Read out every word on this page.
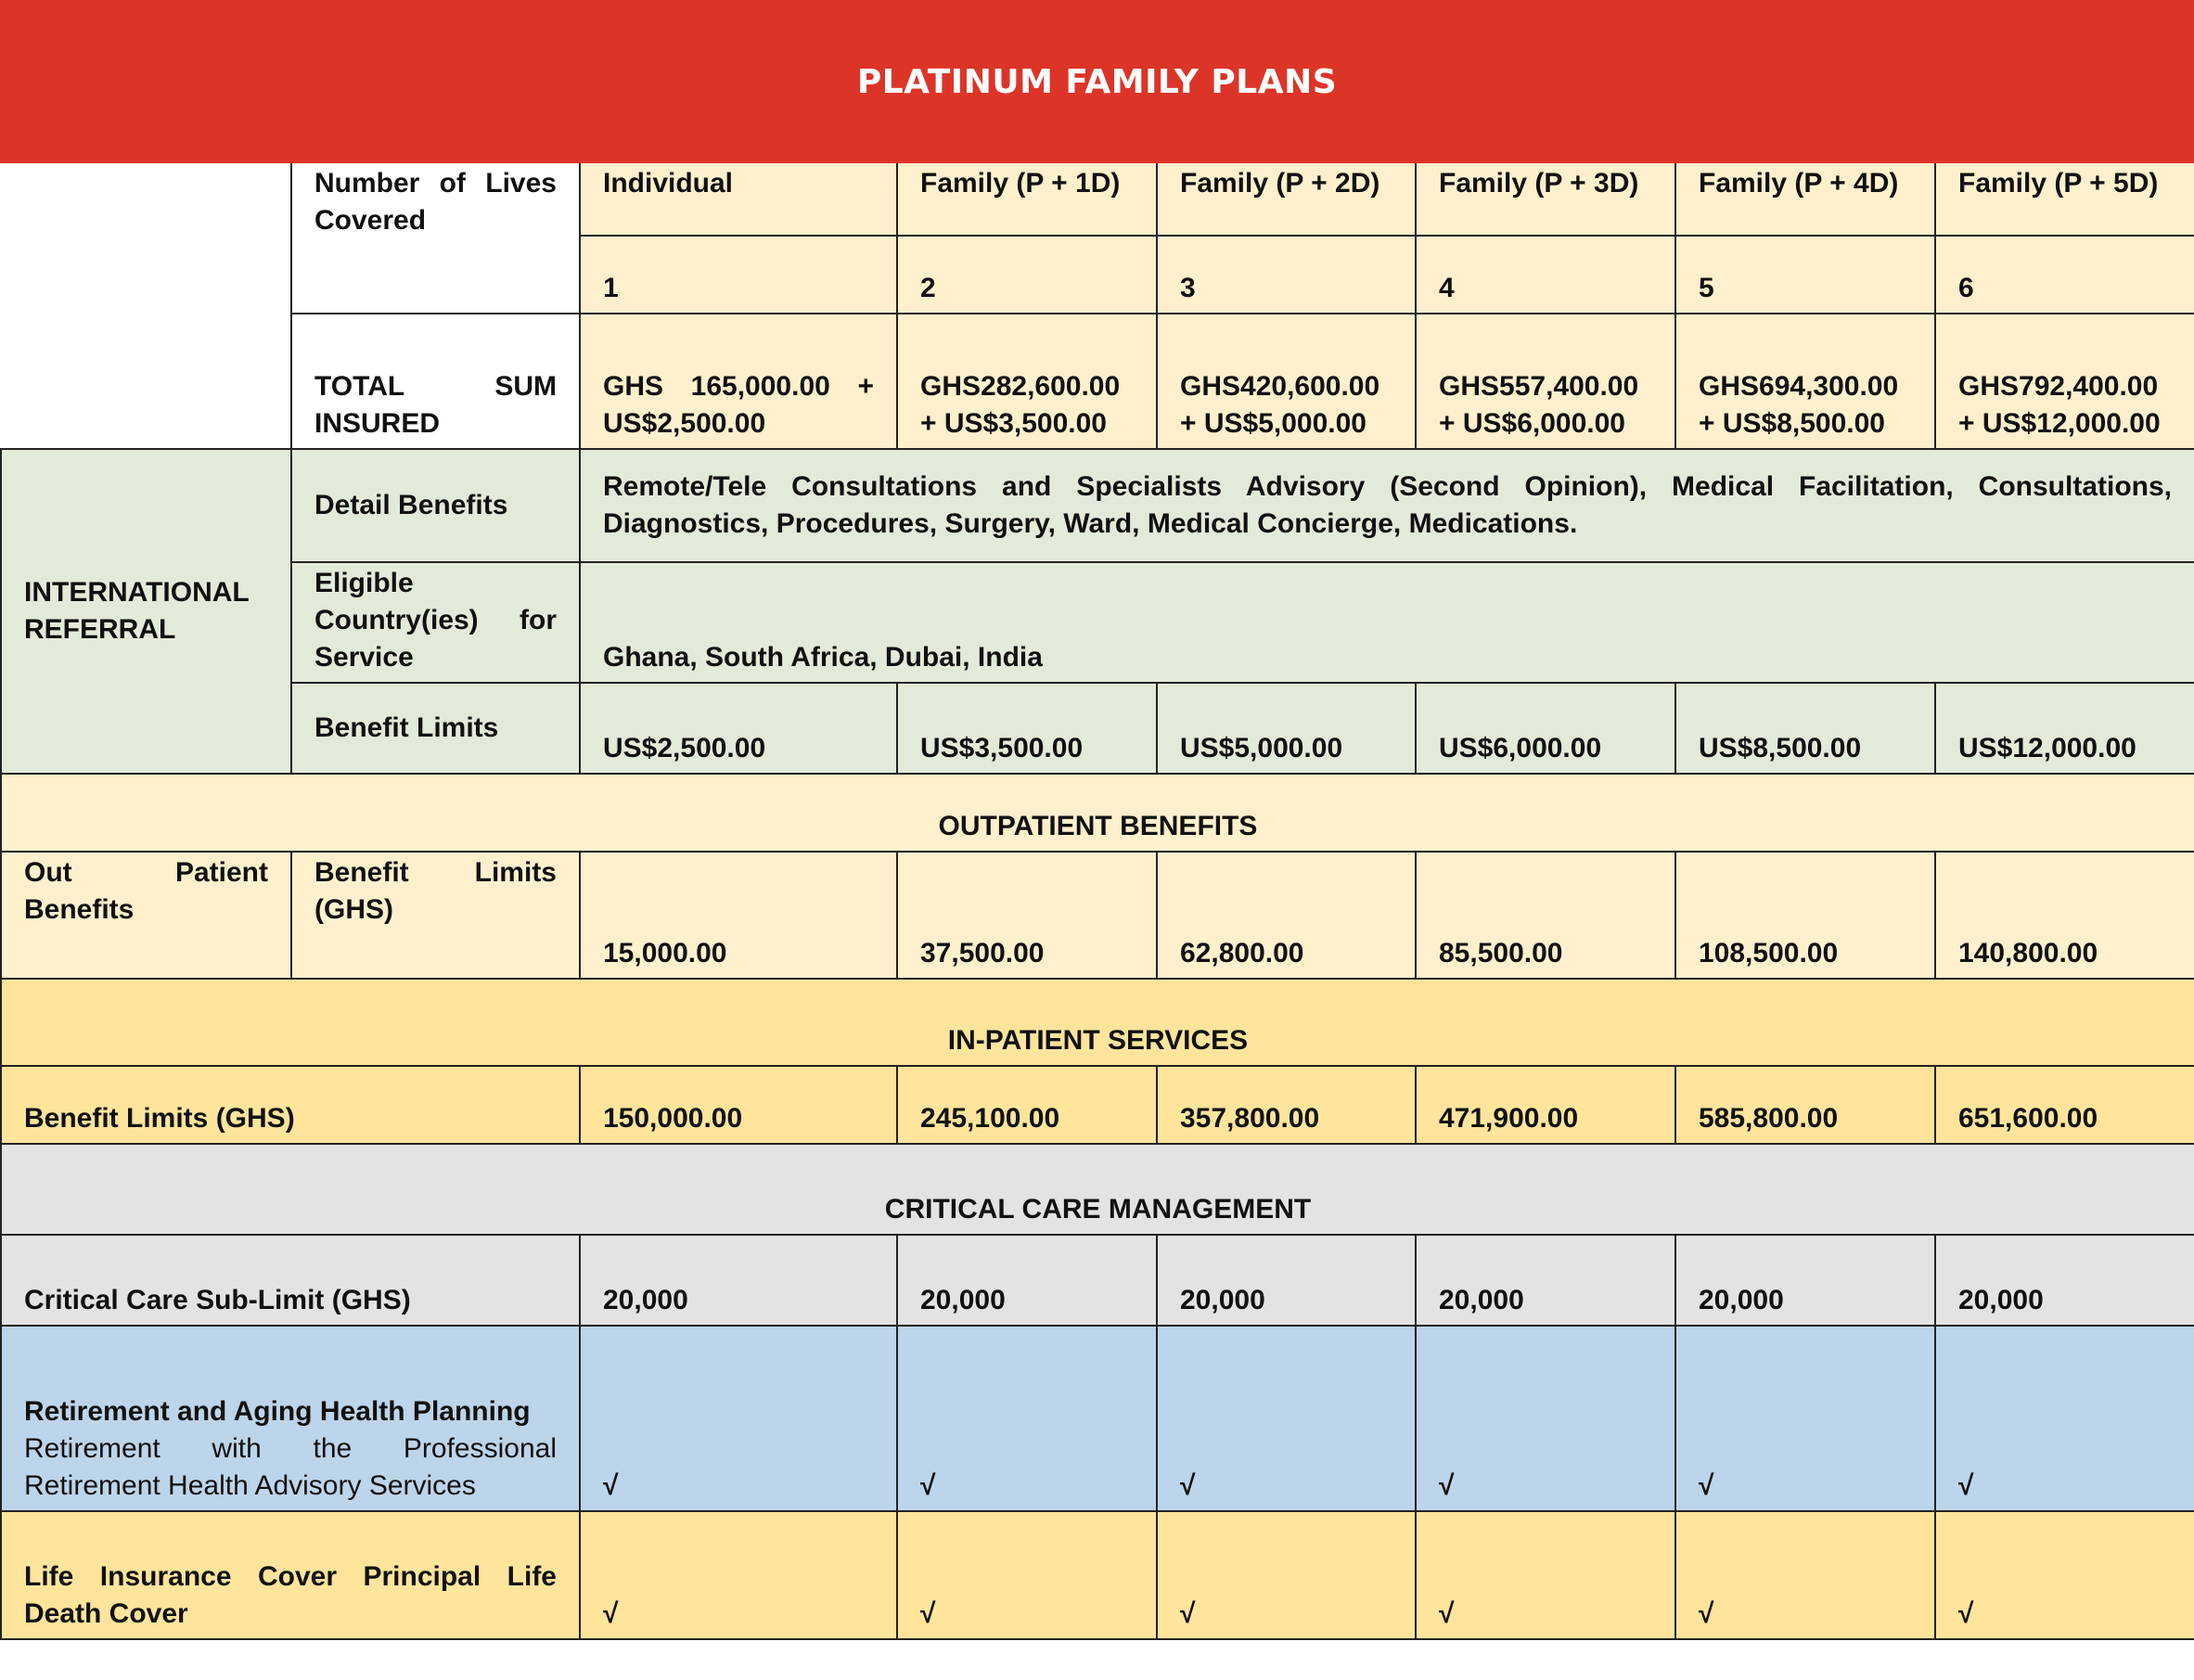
PLATINUM FAMILY PLANS
	Number of Lives Covered	Individual	Family (P + 1D)	Family (P + 2D)	Family (P + 3D)	Family (P + 4D)	Family (P + 5D)
		1	2	3	4	5	6
	TOTAL SUM INSURED	GHS 165,000.00 + US$2,500.00	GHS282,600.00 + US$3,500.00	GHS420,600.00 + US$5,000.00	GHS557,400.00 + US$6,000.00	GHS694,300.00 + US$8,500.00	GHS792,400.00 + US$12,000.00
INTERNATIONAL REFERRAL	Detail Benefits	Remote/Tele Consultations and Specialists Advisory (Second Opinion), Medical Facilitation, Consultations, Diagnostics, Procedures, Surgery, Ward, Medical Concierge, Medications.					
	Eligible Country(ies) for Service	Ghana, South Africa, Dubai, India					
	Benefit Limits	US$2,500.00	US$3,500.00	US$5,000.00	US$6,000.00	US$8,500.00	US$12,000.00
OUTPATIENT BENEFITS							
Out Patient Benefits	Benefit Limits (GHS)	15,000.00	37,500.00	62,800.00	85,500.00	108,500.00	140,800.00
IN-PATIENT SERVICES							
Benefit Limits (GHS)		150,000.00	245,100.00	357,800.00	471,900.00	585,800.00	651,600.00
CRITICAL CARE MANAGEMENT							
Critical Care Sub-Limit (GHS)		20,000	20,000	20,000	20,000	20,000	20,000

Retirement and Aging Health Planning
Retirement with the Professional Retirement Health Advisory Services		√	√	√	√	√	√
Life Insurance Cover Principal Life Death Cover		√	√	√	√	√	√
